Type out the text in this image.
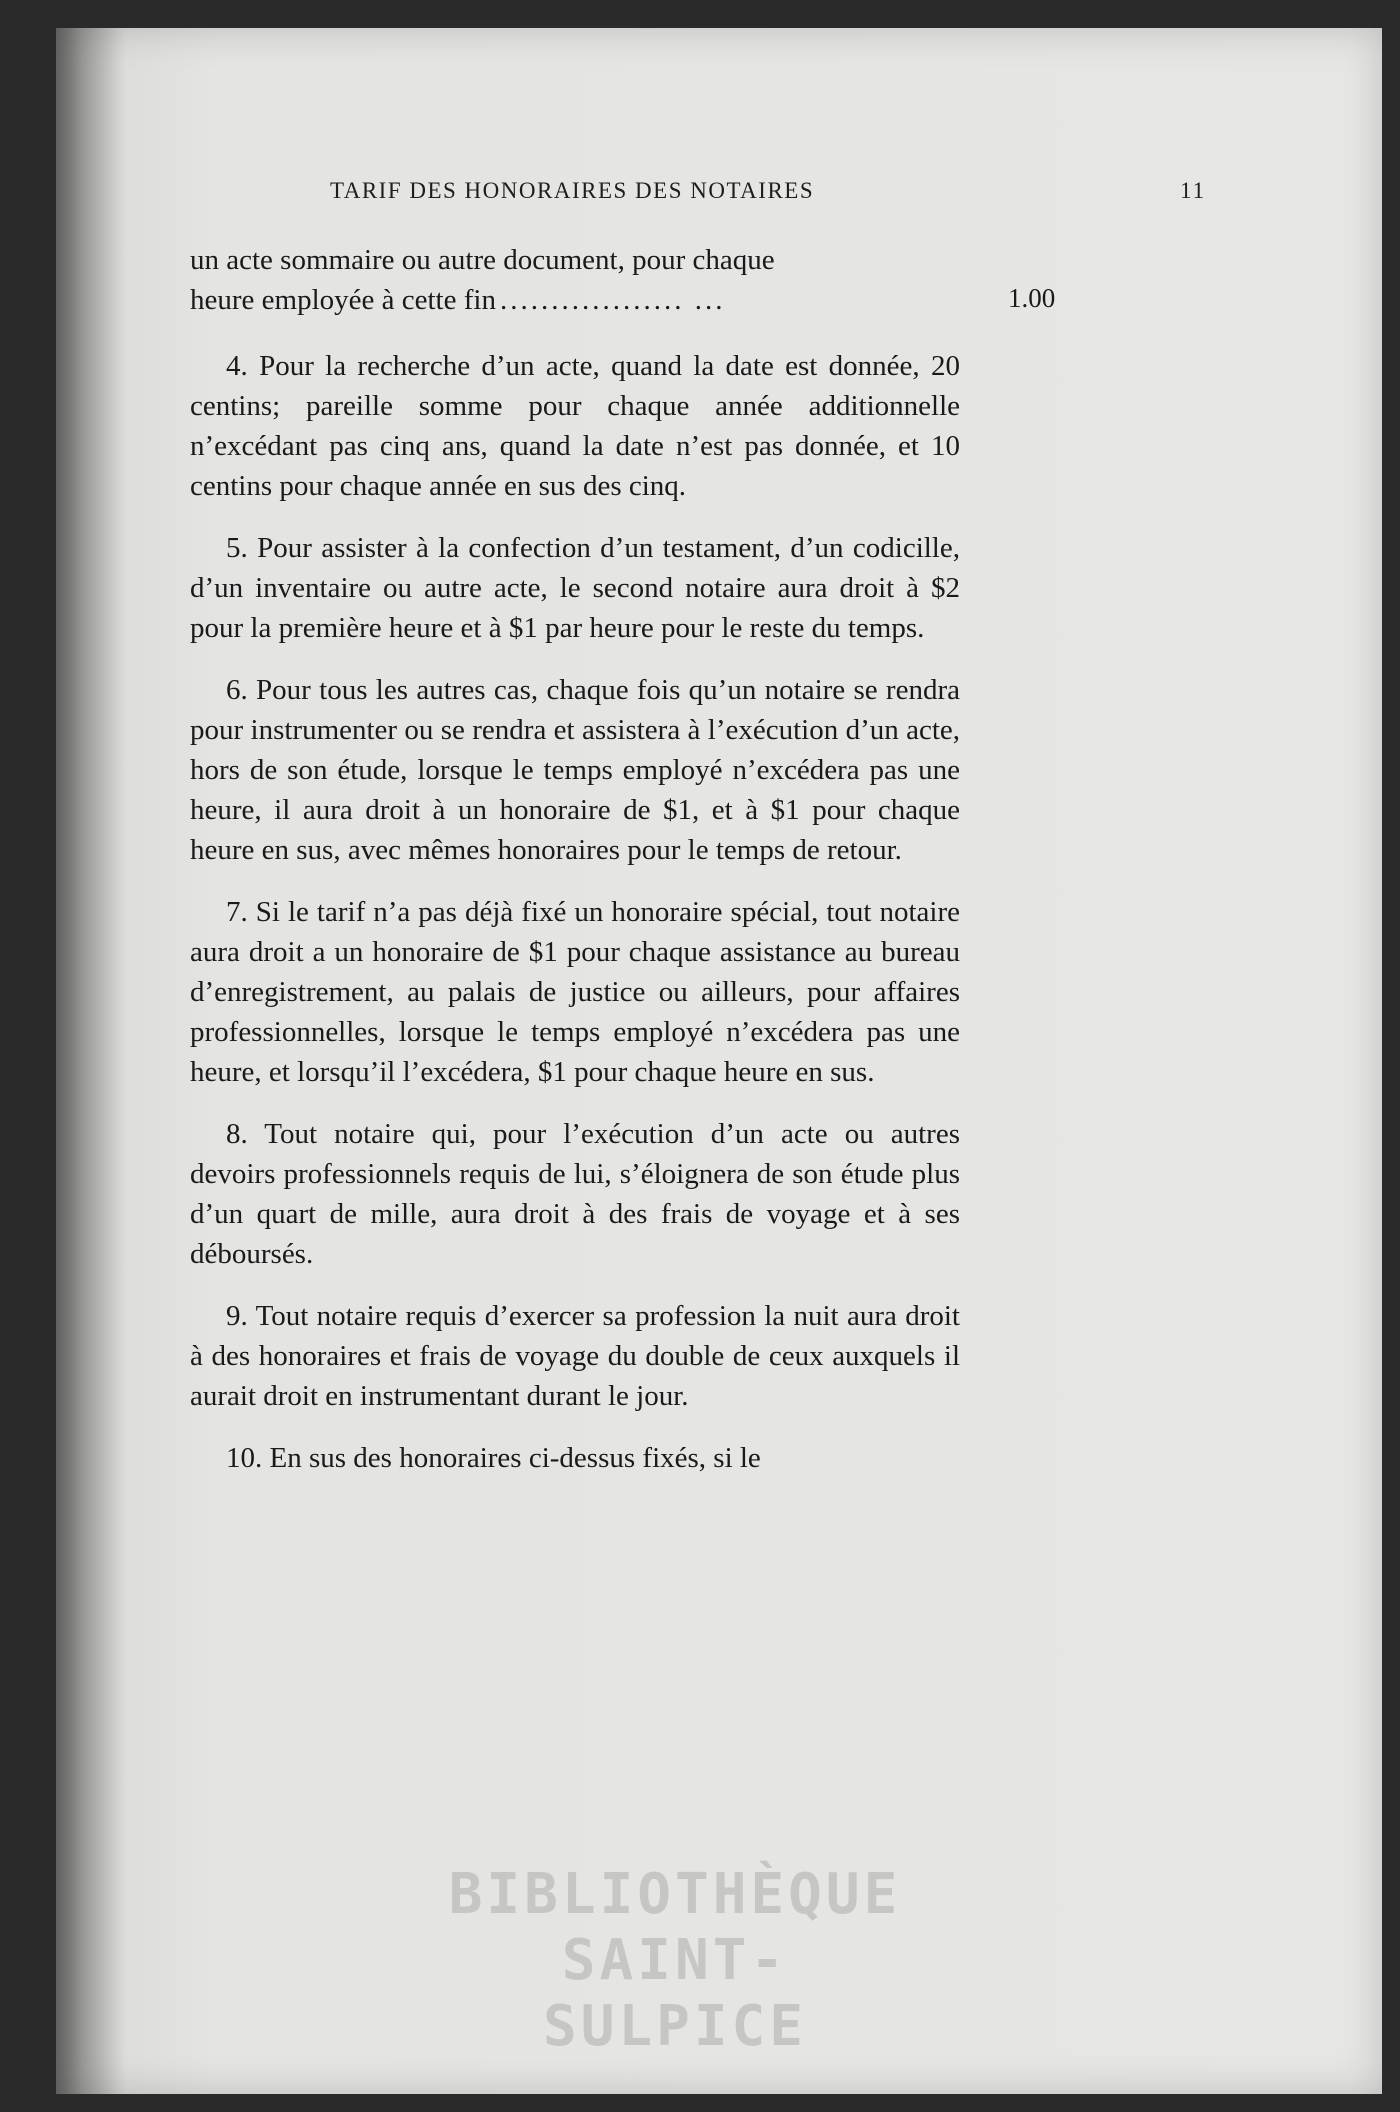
TARIF DES HONORAIRES DES NOTAIRES	11

un acte sommaire ou autre document, pour chaque
heure employée à cette fin .................. ...

4. Pour la recherche d’un acte, quand la date est donnée, 20 centins; pareille somme pour chaque année additionnelle n’excédant pas cinq ans, quand la date n’est pas donnée, et 10 centins pour chaque année en sus des cinq.

5. Pour assister à la confection d’un testament, d’un codicille, d’un inventaire ou autre acte, le second notaire aura droit à $2 pour la première heure et à $1 par heure pour le reste du temps.

6. Pour tous les autres cas, chaque fois qu’un notaire se rendra pour instrumenter ou se rendra et assistera à l’exécution d’un acte, hors de son étude, lorsque le temps employé n’excédera pas une heure, il aura droit à un honoraire de $1, et à $1 pour chaque heure en sus, avec mêmes honoraires pour le temps de retour.

7. Si le tarif n’a pas déjà fixé un honoraire spécial, tout notaire aura droit a un honoraire de $1 pour chaque assistance au bureau d’enregistrement, au palais de justice ou ailleurs, pour affaires professionnelles, lorsque le temps employé n’excédera pas une heure, et lorsqu’il l’excédera, $1 pour chaque heure en sus.

8. Tout notaire qui, pour l’exécution d’un acte ou autres devoirs professionnels requis de lui, s’éloignera de son étude plus d’un quart de mille, aura droit à des frais de voyage et à ses déboursés.

9. Tout notaire requis d’exercer sa profession la nuit aura droit à des honoraires et frais de voyage du double de ceux auxquels il aurait droit en instrumentant durant le jour.

10. En sus des honoraires ci-dessus fixés, si le

1.00
BIBLIOTHÈQUE
SAINT-SULPICE
